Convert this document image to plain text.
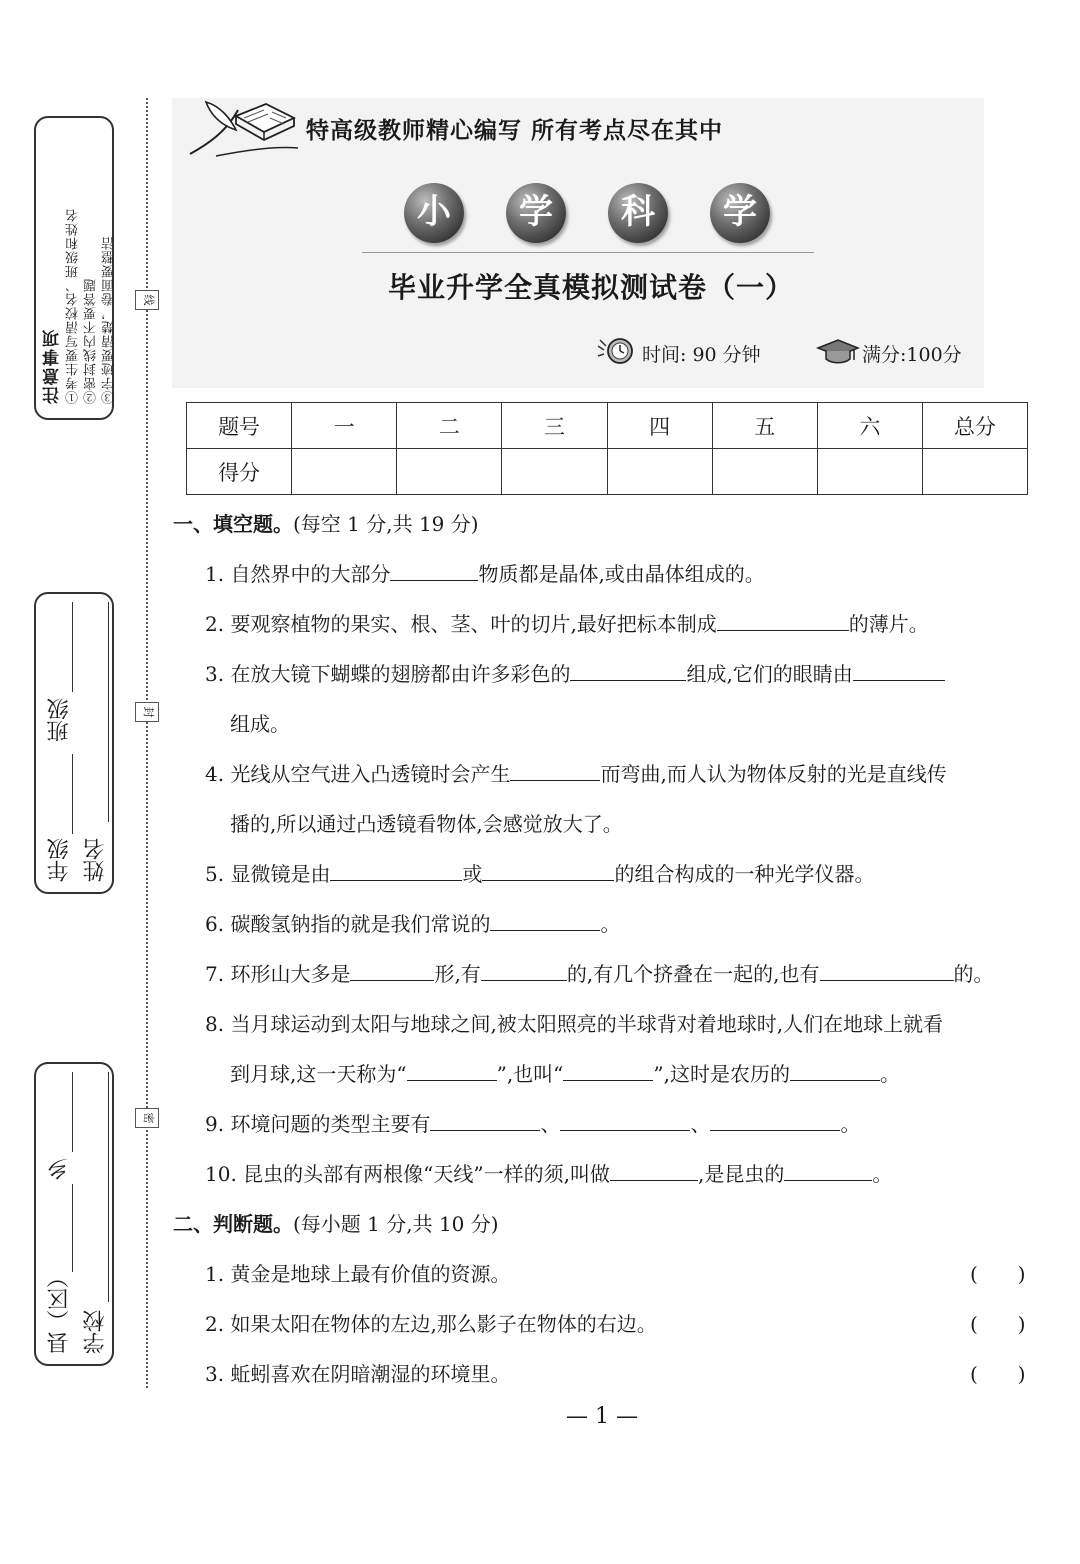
注意事项 ①考生要写清校名、班级和姓名 ②密封线内不要答题 ③字迹要清楚，卷面要整洁
年级
班级
姓名
县（区）
乡
学校
线
封
密
特高级教师精心编写 所有考点尽在其中
小	学	科	学
毕业升学全真模拟测试卷（一）
时间: 90 分钟	满分:100分
题号	一	二	三	四	五	六	总分
得分							
一、填空题。(每空 1 分,共 19 分)
1. 自然界中的大部分	物质都是晶体,或由晶体组成的。
2. 要观察植物的果实、根、茎、叶的切片,最好把标本制成	的薄片。
3. 在放大镜下蝴蝶的翅膀都由许多彩色的	组成,它们的眼睛由
组成。
4. 光线从空气进入凸透镜时会产生	而弯曲,而人认为物体反射的光是直线传
播的,所以通过凸透镜看物体,会感觉放大了。
5. 显微镜是由	或	的组合构成的一种光学仪器。
6. 碳酸氢钠指的就是我们常说的	。
7. 环形山大多是	形,有	的,有几个挤叠在一起的,也有	的。
8. 当月球运动到太阳与地球之间,被太阳照亮的半球背对着地球时,人们在地球上就看
到月球,这一天称为“	”,也叫“	”,这时是农历的	。
9. 环境问题的类型主要有	、	、	。
10. 昆虫的头部有两根像“天线”一样的须,叫做	,是昆虫的	。
二、判断题。(每小题 1 分,共 10 分)
1. 黄金是地球上最有价值的资源。	(　　)
2. 如果太阳在物体的左边,那么影子在物体的右边。	(　　)
3. 蚯蚓喜欢在阴暗潮湿的环境里。	(　　)
— 1 —
